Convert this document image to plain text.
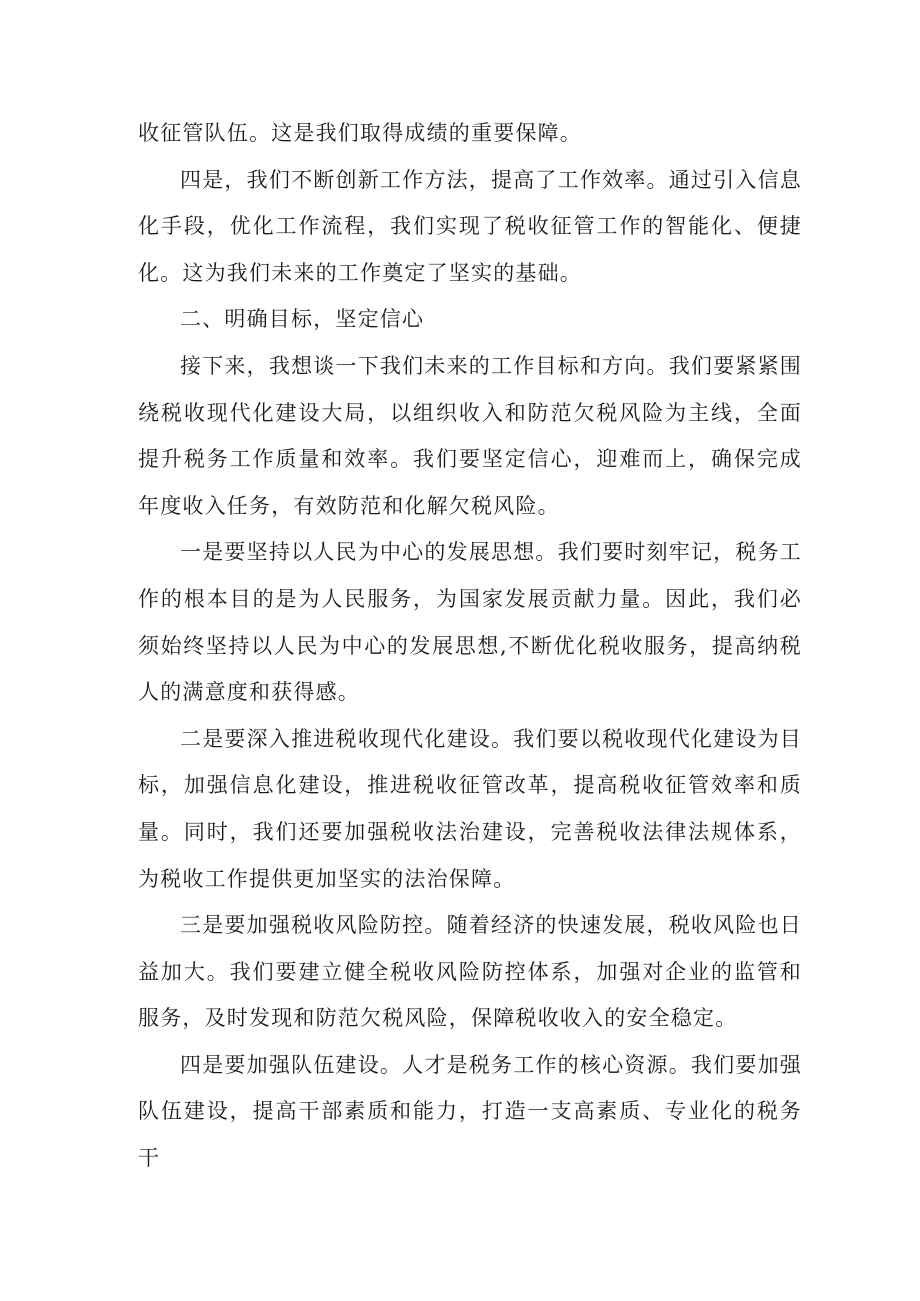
收征管队伍。这是我们取得成绩的重要保障。

四是，我们不断创新工作方法，提高了工作效率。通过引入信息化手段，优化工作流程，我们实现了税收征管工作的智能化、便捷化。这为我们未来的工作奠定了坚实的基础。

二、明确目标，坚定信心

接下来，我想谈一下我们未来的工作目标和方向。我们要紧紧围绕税收现代化建设大局，以组织收入和防范欠税风险为主线，全面提升税务工作质量和效率。我们要坚定信心，迎难而上，确保完成年度收入任务，有效防范和化解欠税风险。

一是要坚持以人民为中心的发展思想。我们要时刻牢记，税务工作的根本目的是为人民服务，为国家发展贡献力量。因此，我们必须始终坚持以人民为中心的发展思想,不断优化税收服务，提高纳税人的满意度和获得感。

二是要深入推进税收现代化建设。我们要以税收现代化建设为目标，加强信息化建设，推进税收征管改革，提高税收征管效率和质量。同时，我们还要加强税收法治建设，完善税收法律法规体系，为税收工作提供更加坚实的法治保障。

三是要加强税收风险防控。随着经济的快速发展，税收风险也日益加大。我们要建立健全税收风险防控体系，加强对企业的监管和服务，及时发现和防范欠税风险，保障税收收入的安全稳定。

四是要加强队伍建设。人才是税务工作的核心资源。我们要加强队伍建设，提高干部素质和能力，打造一支高素质、专业化的税务干
